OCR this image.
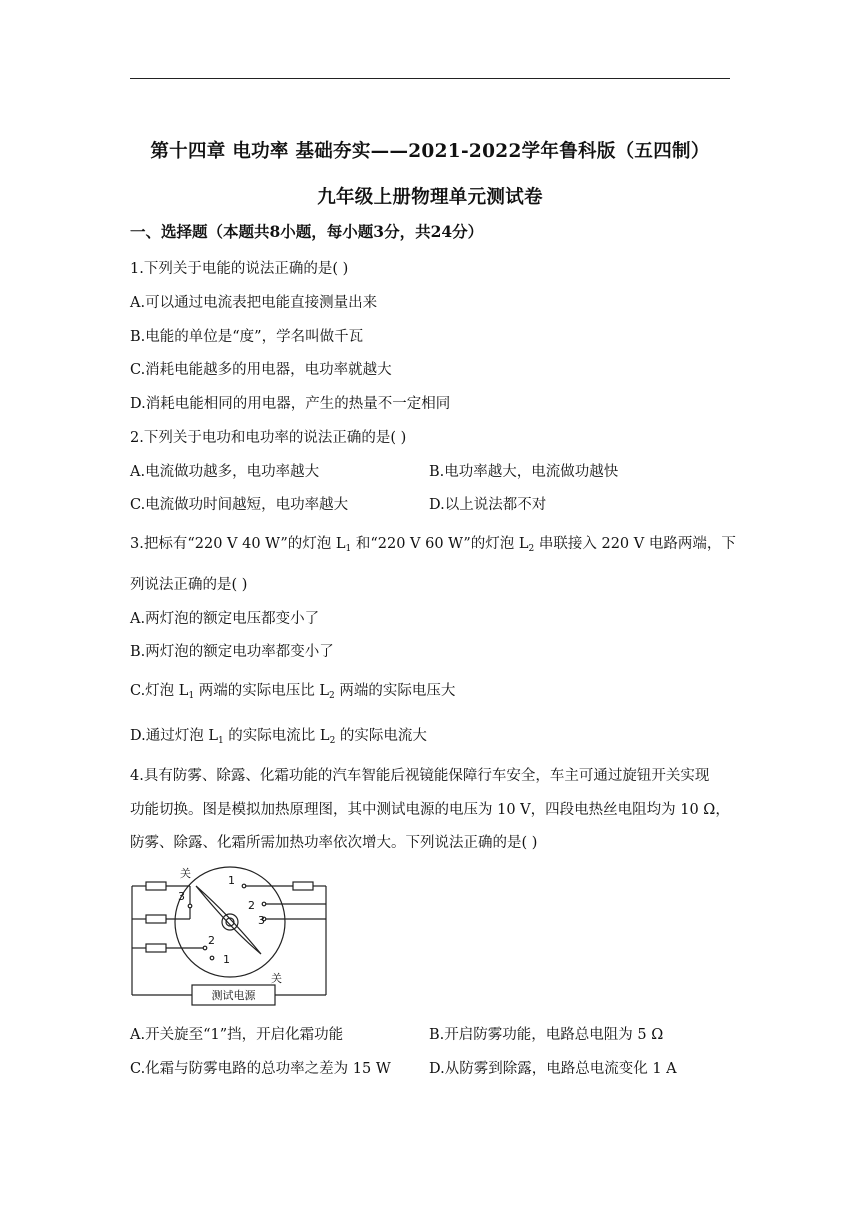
第十四章 电功率 基础夯实——2021-2022学年鲁科版（五四制）
九年级上册物理单元测试卷
一、选择题（本题共8小题，每小题3分，共24分）
1.下列关于电能的说法正确的是( )
A.可以通过电流表把电能直接测量出来
B.电能的单位是“度”，学名叫做千瓦
C.消耗电能越多的用电器，电功率就越大
D.消耗电能相同的用电器，产生的热量不一定相同
2.下列关于电功和电功率的说法正确的是( )
A.电流做功越多，电功率越大	B.电功率越大，电流做功越快
C.电流做功时间越短，电功率越大	D.以上说法都不对
3.把标有“220 V 40 W”的灯泡 $L_1$ 和“220 V 60 W”的灯泡 $L_2$ 串联接入 220 V 电路两端，下
列说法正确的是( )
A.两灯泡的额定电压都变小了
B.两灯泡的额定电功率都变小了
C.灯泡 $L_1$ 两端的实际电压比 $L_2$ 两端的实际电压大
D.通过灯泡 $L_1$ 的实际电流比 $L_2$ 的实际电流大
4.具有防雾、除露、化霜功能的汽车智能后视镜能保障行车安全，车主可通过旋钮开关实现
功能切换。图是模拟加热原理图，其中测试电源的电压为 10 V，四段电热丝电阻均为 10 Ω，
防雾、除露、化霜所需加热功率依次增大。下列说法正确的是( )
关
关
1
2
3
3
2
1
测试电源
A.开关旋至“1”挡，开启化霜功能	B.开启防雾功能，电路总电阻为 5 Ω
C.化霜与防雾电路的总功率之差为 15 W	D.从防雾到除露，电路总电流变化 1 A
